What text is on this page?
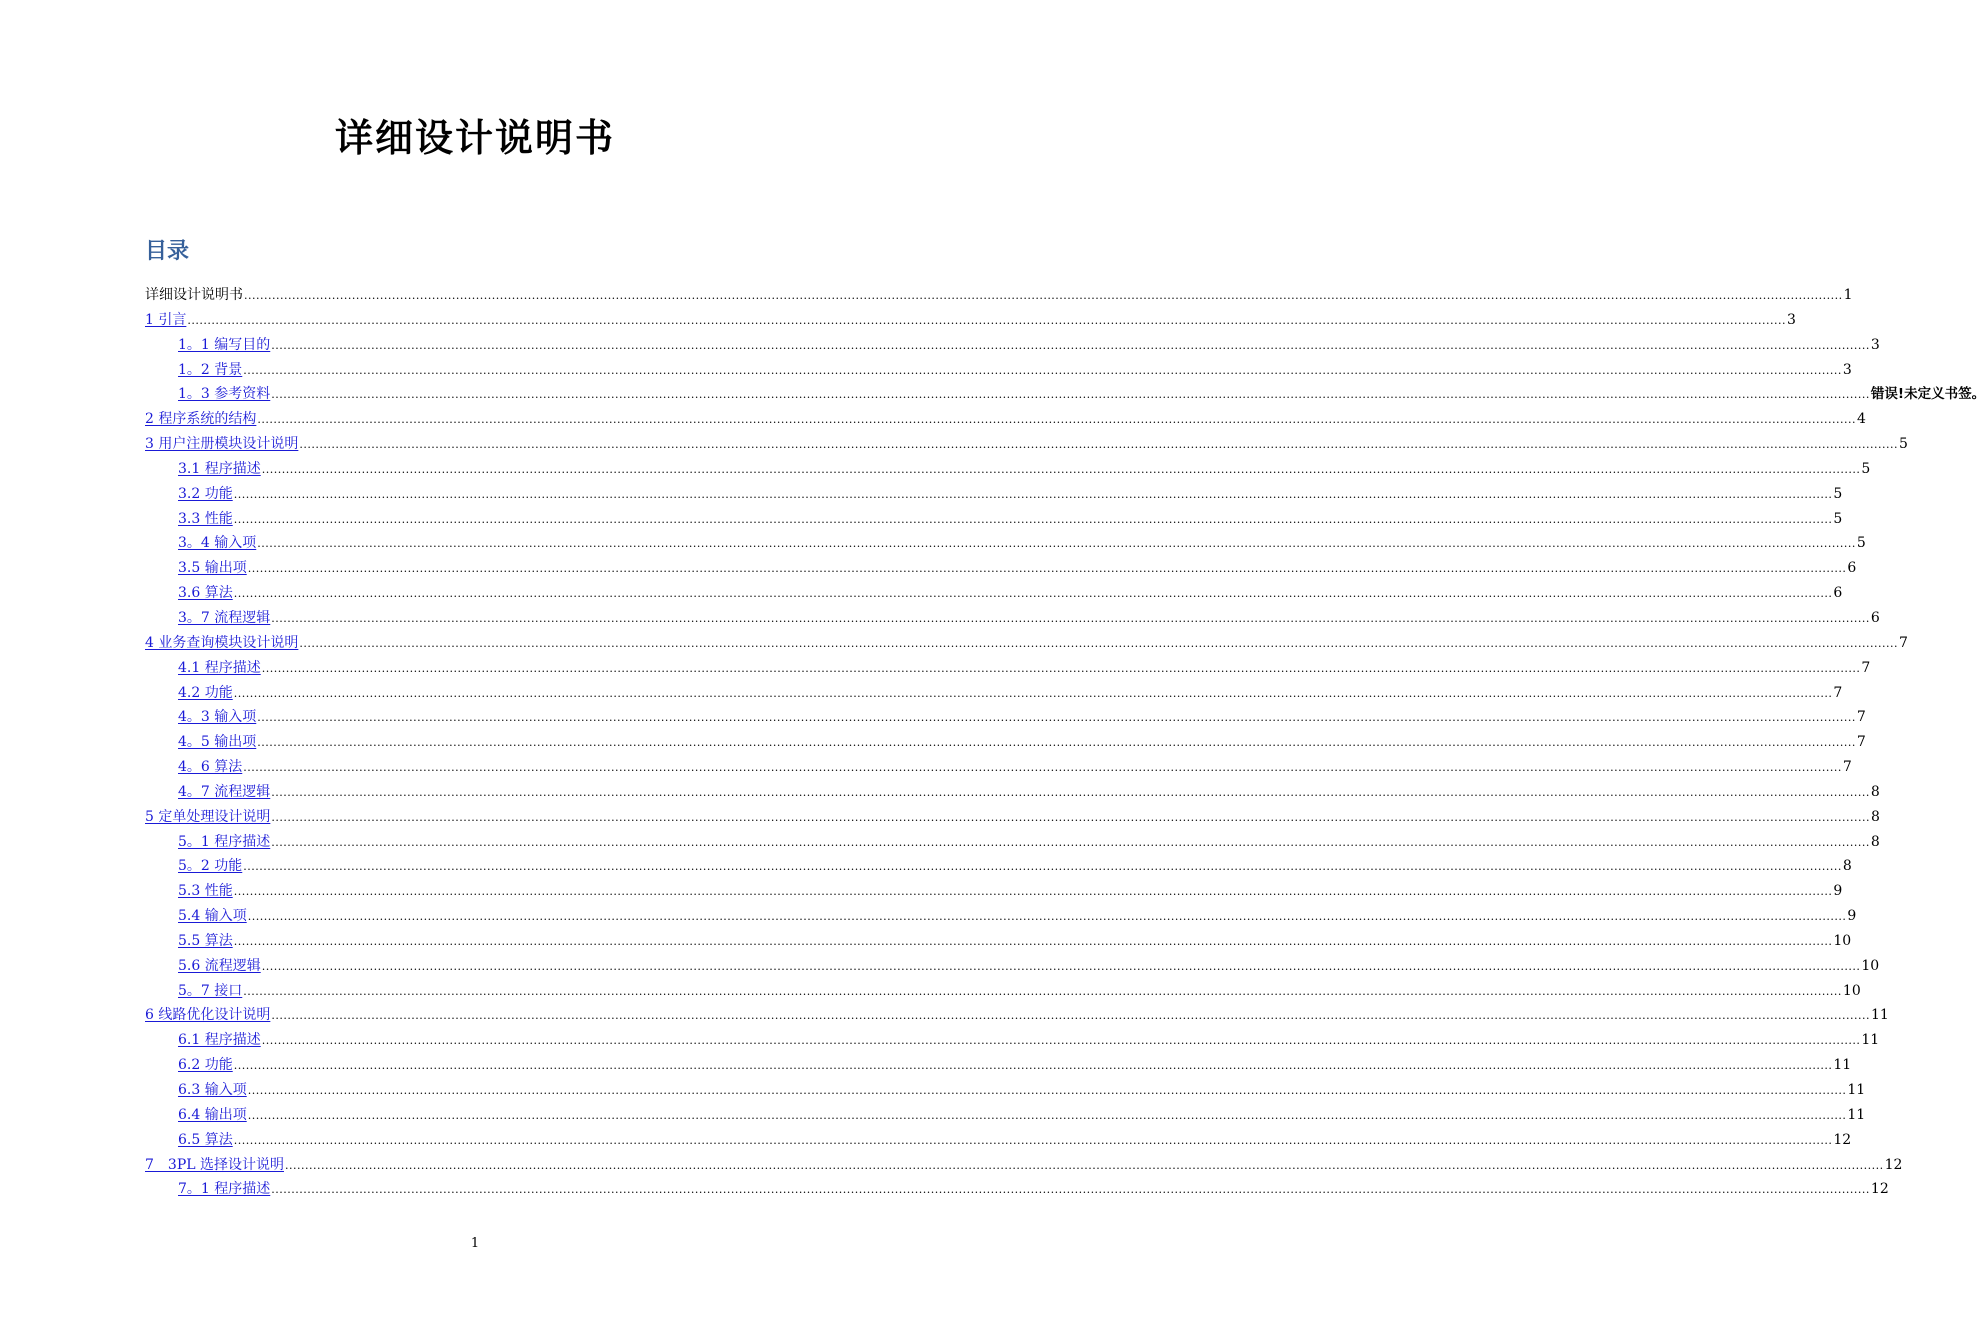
详细设计说明书
目录
详细设计说明书 ................................................................................................................................................................................................................................................................................................................................................................................................................ 1
1 引言 ................................................................................................................................................................................................................................................................................................................................................................................................................ 3
1。1 编写目的 ................................................................................................................................................................................................................................................................................................................................................................................................................ 3
1。2 背景 ................................................................................................................................................................................................................................................................................................................................................................................................................ 3
1。3 参考资料 ................................................................................................................................................................................................................................................................................................................................................................................................................ 错误!未定义书签。
2 程序系统的结构 ................................................................................................................................................................................................................................................................................................................................................................................................................ 4
3 用户注册模块设计说明 ................................................................................................................................................................................................................................................................................................................................................................................................................ 5
3.1 程序描述 ................................................................................................................................................................................................................................................................................................................................................................................................................ 5
3.2 功能 ................................................................................................................................................................................................................................................................................................................................................................................................................ 5
3.3 性能 ................................................................................................................................................................................................................................................................................................................................................................................................................ 5
3。4 输入项 ................................................................................................................................................................................................................................................................................................................................................................................................................ 5
3.5 输出项 ................................................................................................................................................................................................................................................................................................................................................................................................................ 6
3.6 算法 ................................................................................................................................................................................................................................................................................................................................................................................................................ 6
3。7 流程逻辑 ................................................................................................................................................................................................................................................................................................................................................................................................................ 6
4 业务查询模块设计说明 ................................................................................................................................................................................................................................................................................................................................................................................................................ 7
4.1 程序描述 ................................................................................................................................................................................................................................................................................................................................................................................................................ 7
4.2 功能 ................................................................................................................................................................................................................................................................................................................................................................................................................ 7
4。3 输入项 ................................................................................................................................................................................................................................................................................................................................................................................................................ 7
4。5 输出项 ................................................................................................................................................................................................................................................................................................................................................................................................................ 7
4。6 算法 ................................................................................................................................................................................................................................................................................................................................................................................................................ 7
4。7 流程逻辑 ................................................................................................................................................................................................................................................................................................................................................................................................................ 8
5 定单处理设计说明 ................................................................................................................................................................................................................................................................................................................................................................................................................ 8
5。1 程序描述 ................................................................................................................................................................................................................................................................................................................................................................................................................ 8
5。2 功能 ................................................................................................................................................................................................................................................................................................................................................................................................................ 8
5.3 性能 ................................................................................................................................................................................................................................................................................................................................................................................................................ 9
5.4 输入项 ................................................................................................................................................................................................................................................................................................................................................................................................................ 9
5.5 算法 ................................................................................................................................................................................................................................................................................................................................................................................................................ 10
5.6 流程逻辑 ................................................................................................................................................................................................................................................................................................................................................................................................................ 10
5。7 接口 ................................................................................................................................................................................................................................................................................................................................................................................................................ 10
6 线路优化设计说明 ................................................................................................................................................................................................................................................................................................................................................................................................................ 11
6.1 程序描述 ................................................................................................................................................................................................................................................................................................................................................................................................................ 11
6.2 功能 ................................................................................................................................................................................................................................................................................................................................................................................................................ 11
6.3 输入项 ................................................................................................................................................................................................................................................................................................................................................................................................................ 11
6.4 输出项 ................................................................................................................................................................................................................................................................................................................................................................................................................ 11
6.5 算法 ................................................................................................................................................................................................................................................................................................................................................................................................................ 12
7　3PL 选择设计说明 ................................................................................................................................................................................................................................................................................................................................................................................................................ 12
7。1 程序描述 ................................................................................................................................................................................................................................................................................................................................................................................................................ 12
1
